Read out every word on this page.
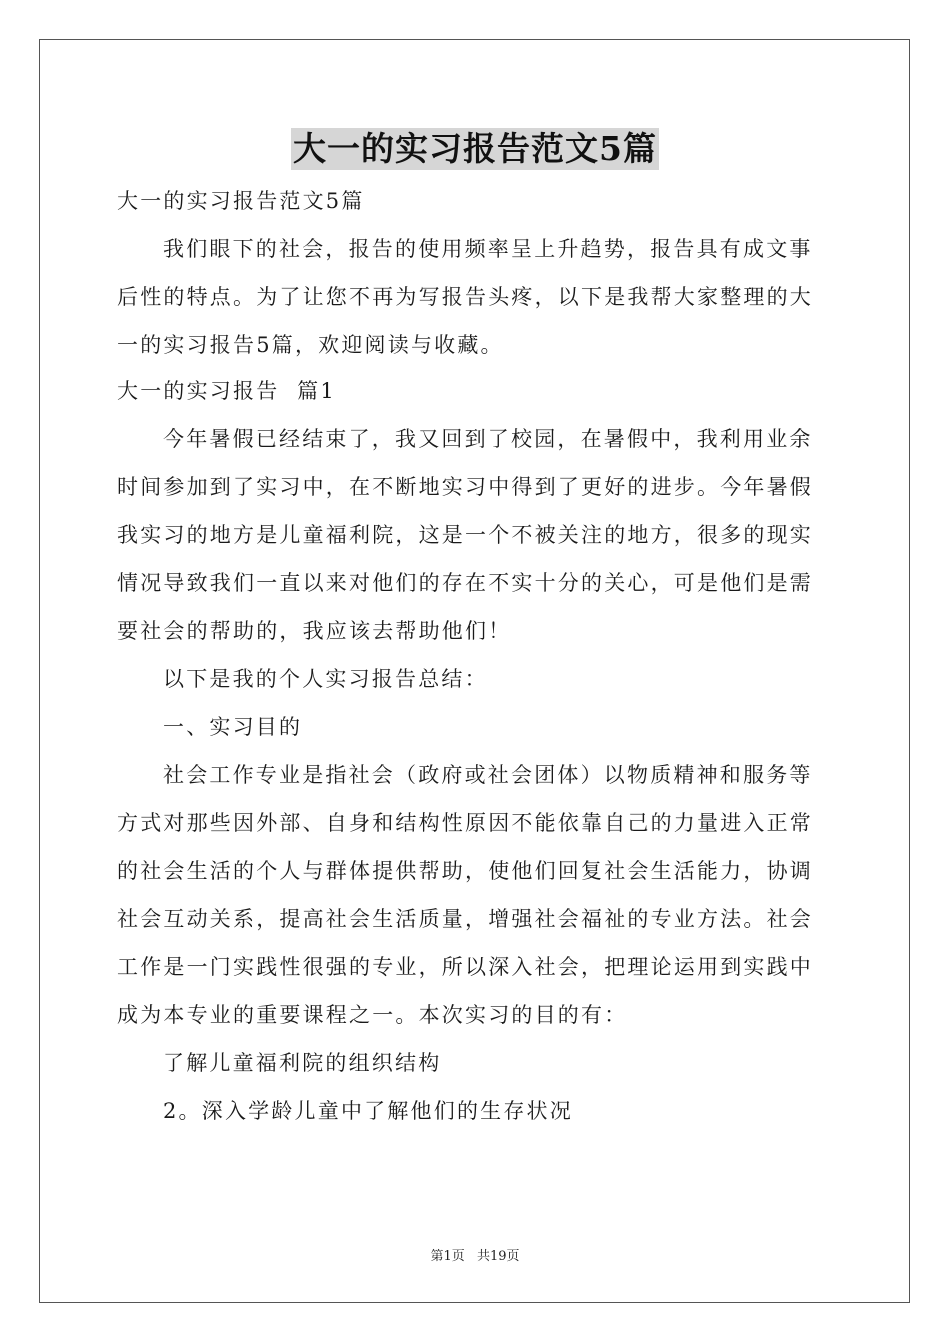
大一的实习报告范文5篇
大一的实习报告范文5篇
我们眼下的社会，报告的使用频率呈上升趋势，报告具有成文事
后性的特点。为了让您不再为写报告头疼，以下是我帮大家整理的大
一的实习报告5篇，欢迎阅读与收藏。
大一的实习报告  篇1
今年暑假已经结束了，我又回到了校园，在暑假中，我利用业余
时间参加到了实习中，在不断地实习中得到了更好的进步。今年暑假
我实习的地方是儿童福利院，这是一个不被关注的地方，很多的现实
情况导致我们一直以来对他们的存在不实十分的关心，可是他们是需
要社会的帮助的，我应该去帮助他们！
以下是我的个人实习报告总结：
一、实习目的
社会工作专业是指社会（政府或社会团体）以物质精神和服务等
方式对那些因外部、自身和结构性原因不能依靠自己的力量进入正常
的社会生活的个人与群体提供帮助，使他们回复社会生活能力，协调
社会互动关系，提高社会生活质量，增强社会福祉的专业方法。社会
工作是一门实践性很强的专业，所以深入社会，把理论运用到实践中
成为本专业的重要课程之一。本次实习的目的有：
了解儿童福利院的组织结构
2。深入学龄儿童中了解他们的生存状况
第1页 共19页
